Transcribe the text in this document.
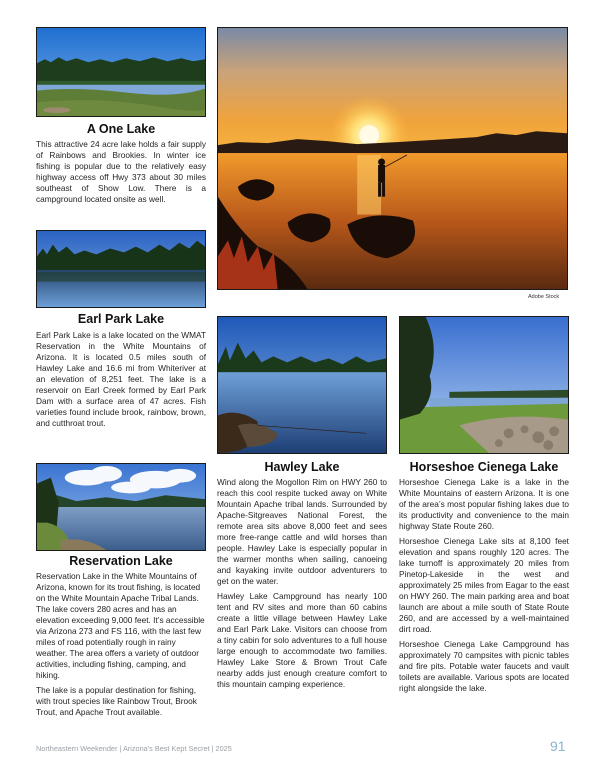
A One Lake
This attractive 24 acre lake holds a fair supply of Rainbows and Brookies. In winter ice fishing is popular due to the relatively easy highway access off Hwy 373 about 30 miles southeast of Show Low. There is a campground located onsite as well.
Adobe Stock
Earl Park Lake
Earl Park Lake is a lake located on the WMAT Reservation in the White Mountains of Arizona. It is located 0.5 miles south of Hawley Lake and 16.6 mi from Whiteriver at an elevation of 8,251 feet. The lake is a reservoir on Earl Creek formed by Earl Park Dam with a surface area of 47 acres. Fish varieties found include brook, rainbow, brown, and cutthroat trout.
Reservation Lake

Reservation Lake in the White Mountains of Arizona, known for its trout fishing, is located on the White Mountain Apache Tribal Lands. The lake covers 280 acres and has an elevation exceeding 9,000 feet. It’s accessible via Arizona 273 and FS 116, with the last few miles of road potentially rough in rainy weather. The area offers a variety of outdoor activities, including fishing, camping, and hiking.

The lake is a popular destination for fishing, with trout species like Rainbow Trout, Brook Trout, and Apache Trout available.

Hawley Lake

Wind along the Mogollon Rim on HWY 260 to reach this cool respite tucked away on White Mountain Apache tribal lands. Surrounded by Apache-Sitgreaves National Forest, the remote area sits above 8,000 feet and sees more free-range cattle and wild horses than people. Hawley Lake is especially popular in the warmer months when sailing, canoeing and kayaking invite outdoor adventurers to get on the water.

Hawley Lake Campground has nearly 100 tent and RV sites and more than 60 cabins create a little village between Hawley Lake and Earl Park Lake. Visitors can choose from a tiny cabin for solo adventures to a full house large enough to accommodate two families. Hawley Lake Store & Brown Trout Cafe nearby adds just enough creature comfort to this mountain camping experience.

Horseshoe Cienega Lake

Horseshoe Cienega Lake is a lake in the White Mountains of eastern Arizona. It is one of the area’s most popular fishing lakes due to its productivity and convenience to the main highway State Route 260.

Horseshoe Cienega Lake sits at 8,100 feet elevation and spans roughly 120 acres. The lake turnoff is approximately 20 miles from Pinetop-Lakeside in the west and approximately 25 miles from Eagar to the east on HWY 260. The main parking area and boat launch are about a mile south of State Route 260, and are accessed by a well-maintained dirt road.

Horseshoe Cienega Lake Campground has approximately 70 campsites with picnic tables and fire pits. Potable water faucets and vault toilets are available. Various spots are located right alongside the lake.

Northeastern Weekender | Arizona’s Best Kept Secret | 2025	91
